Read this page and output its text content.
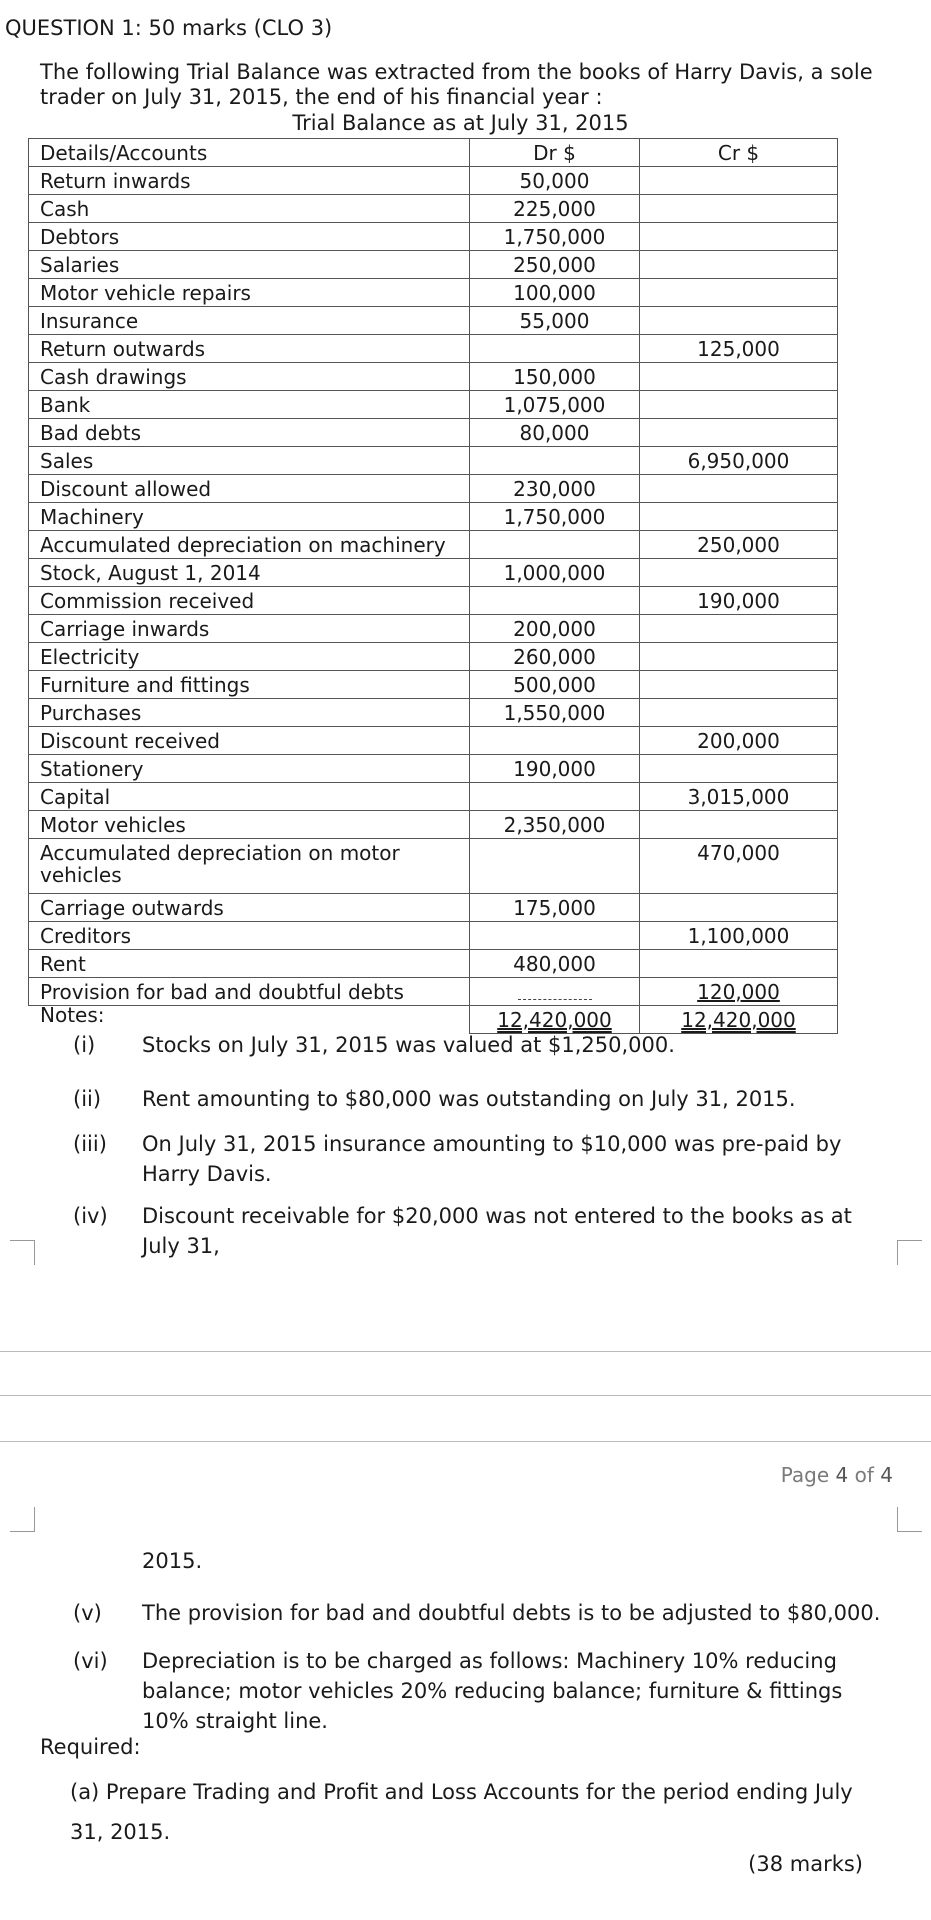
QUESTION 1: 50 marks (CLO 3)
The following Trial Balance was extracted from the books of Harry Davis, a sole trader on July 31, 2015, the end of his financial year :
Trial Balance as at July 31, 2015
Details/Accounts	Dr $	Cr $
Return inwards	50,000	
Cash	225,000	
Debtors	1,750,000	
Salaries	250,000	
Motor vehicle repairs	100,000	
Insurance	55,000	
Return outwards		125,000
Cash drawings	150,000	
Bank	1,075,000	
Bad debts	80,000	
Sales		6,950,000
Discount allowed	230,000	
Machinery	1,750,000	
Accumulated depreciation on machinery		250,000
Stock, August 1, 2014	1,000,000	
Commission received		190,000
Carriage inwards	200,000	
Electricity	260,000	
Furniture and fittings	500,000	
Purchases	1,550,000	
Discount received		200,000
Stationery	190,000	
Capital		3,015,000
Motor vehicles	2,350,000	
Accumulated depreciation on motor vehicles		470,000
Carriage outwards	175,000	
Creditors		1,100,000
Rent	480,000	
Provision for bad and doubtful debts		120,000
	12,420,000	12,420,000
Notes:
(i) Stocks on July 31, 2015 was valued at $1,250,000.
(ii) Rent amounting to $80,000 was outstanding on July 31, 2015.
(iii) On July 31, 2015 insurance amounting to $10,000 was pre-paid by Harry Davis.
(iv) Discount receivable for $20,000 was not entered to the books as at July 31,
Page 4 of 4
2015.
(v) The provision for bad and doubtful debts is to be adjusted to $80,000.
(vi) Depreciation is to be charged as follows: Machinery 10% reducing balance; motor vehicles 20% reducing balance; furniture & fittings 10% straight line.
Required:
(a) Prepare Trading and Profit and Loss Accounts for the period ending July 31, 2015.
(38 marks)
